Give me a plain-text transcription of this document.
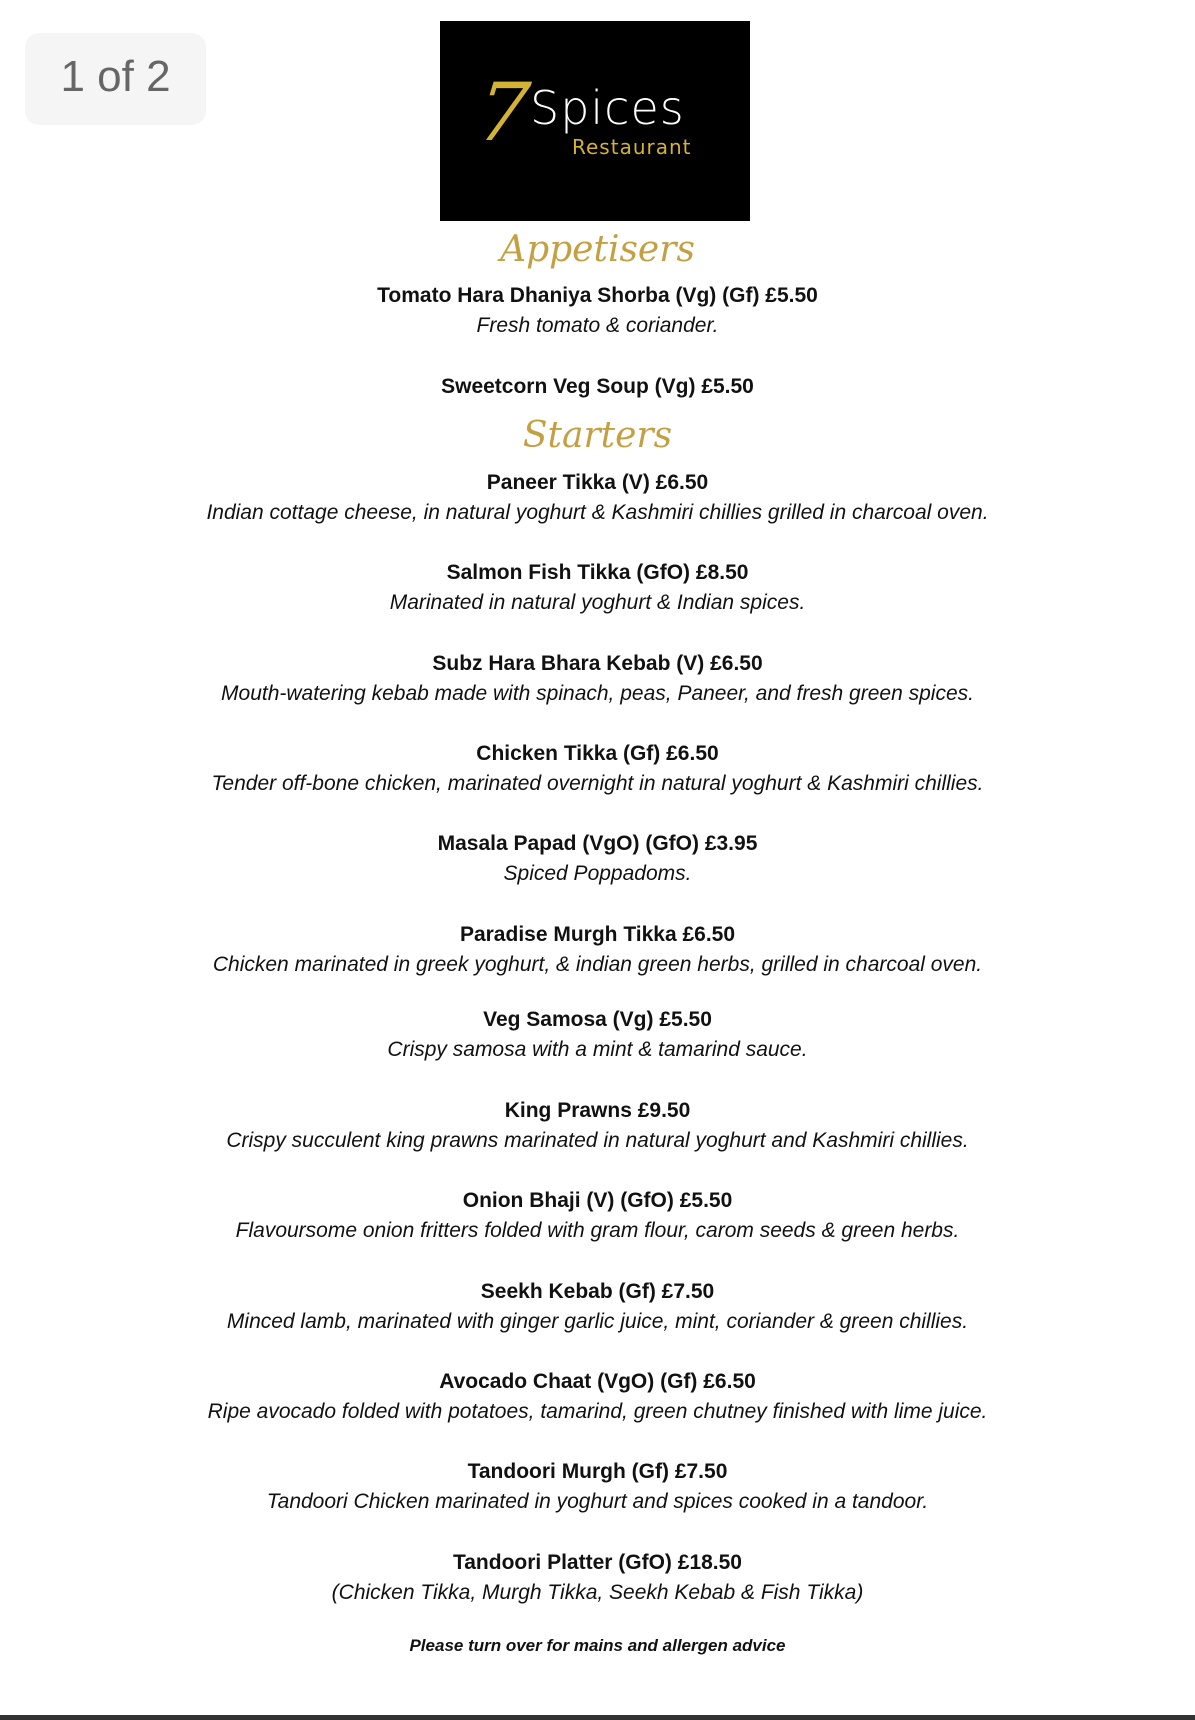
1 of 2	7
Spices
Restaurant
Appetisers
Tomato Hara Dhaniya Shorba (Vg) (Gf) £5.50
Fresh tomato & coriander.
Sweetcorn Veg Soup (Vg) £5.50
Starters
Paneer Tikka (V) £6.50
Indian cottage cheese, in natural yoghurt & Kashmiri chillies grilled in charcoal oven.
Salmon Fish Tikka (GfO) £8.50
Marinated in natural yoghurt & Indian spices.
Subz Hara Bhara Kebab (V) £6.50
Mouth-watering kebab made with spinach, peas, Paneer, and fresh green spices.
Chicken Tikka (Gf) £6.50
Tender off-bone chicken, marinated overnight in natural yoghurt & Kashmiri chillies.
Masala Papad (VgO) (GfO) £3.95
Spiced Poppadoms.
Paradise Murgh Tikka £6.50
Chicken marinated in greek yoghurt, & indian green herbs, grilled in charcoal oven.
Veg Samosa (Vg) £5.50
Crispy samosa with a mint & tamarind sauce.
King Prawns £9.50
Crispy succulent king prawns marinated in natural yoghurt and Kashmiri chillies.
Onion Bhaji (V) (GfO) £5.50
Flavoursome onion fritters folded with gram flour, carom seeds & green herbs.
Seekh Kebab (Gf) £7.50
Minced lamb, marinated with ginger garlic juice, mint, coriander & green chillies.
Avocado Chaat (VgO) (Gf) £6.50
Ripe avocado folded with potatoes, tamarind, green chutney finished with lime juice.
Tandoori Murgh (Gf) £7.50
Tandoori Chicken marinated in yoghurt and spices cooked in a tandoor.
Tandoori Platter (GfO) £18.50
(Chicken Tikka, Murgh Tikka, Seekh Kebab & Fish Tikka)
Please turn over for mains and allergen advice
